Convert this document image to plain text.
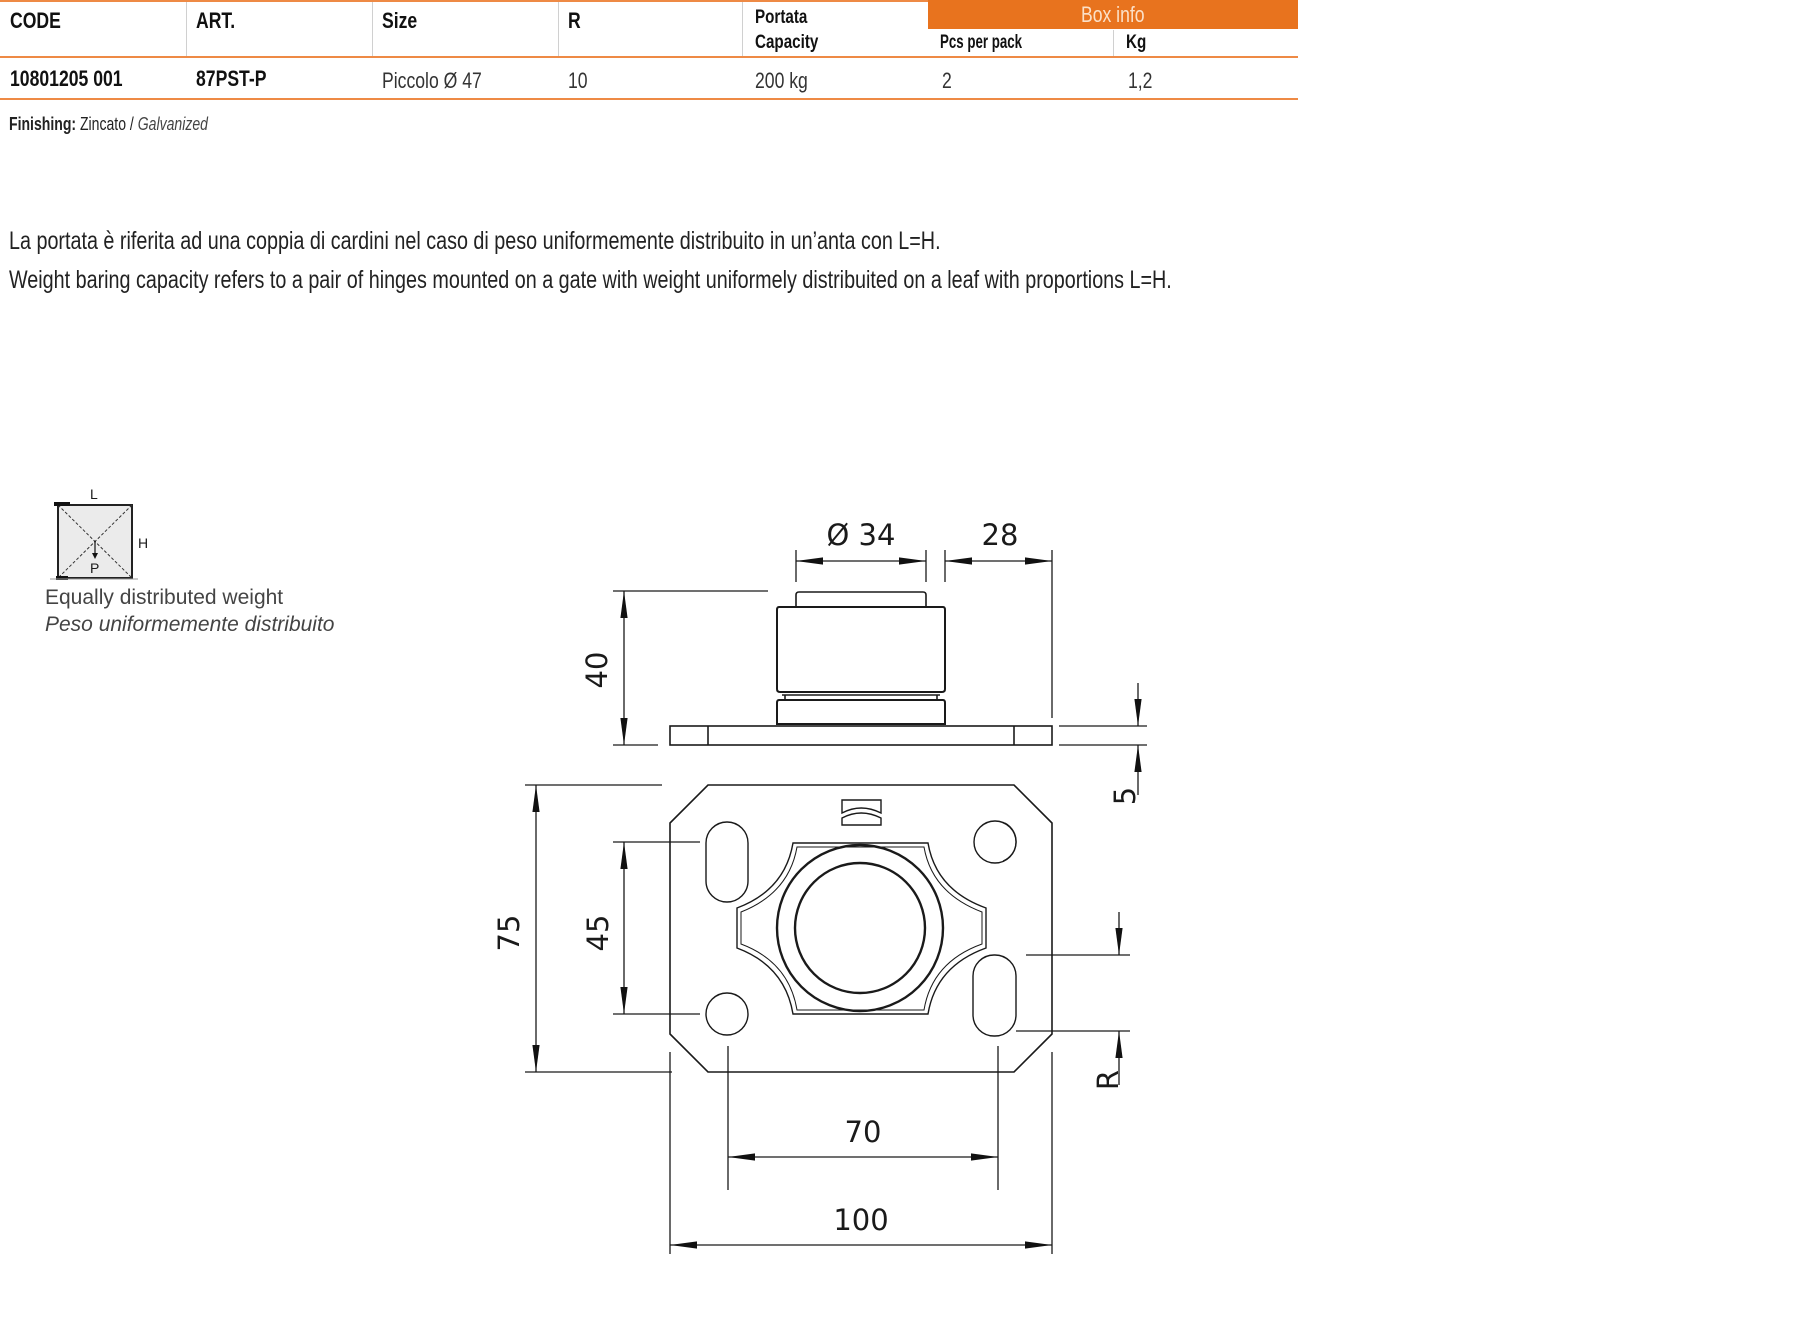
Box info
CODE	ART.	Size	R	Portata
Capacity	Pcs per pack	Kg
10801205 001	87PST-P	Piccolo Ø 47	10	200 kg	2	1,2
Finishing: Zincato / Galvanized
La portata è riferita ad una coppia di cardini nel caso di peso uniformemente distribuito in un’anta con L=H.
Weight baring capacity refers to a pair of hinges mounted on a gate with weight uniformely distribuited on a leaf with proportions L=H.
L
H
P
Equally distributed weight
Peso uniformemente distribuito
Ø 34	28
40
5
75 45
R
70
100
